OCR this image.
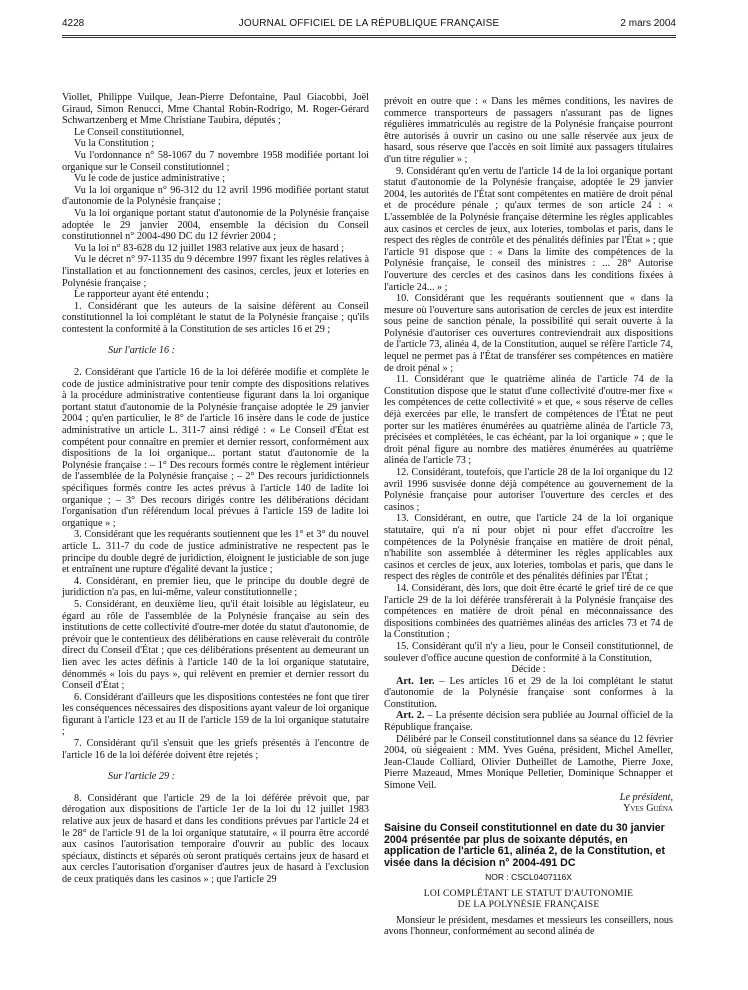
4228	JOURNAL OFFICIEL DE LA RÉPUBLIQUE FRANÇAISE	2 mars 2004

Viollet, Philippe Vuilque, Jean-Pierre Defontaine, Paul Giacobbi, Joël Giraud, Simon Renucci, Mme Chantal Robin-Rodrigo, M. Roger-Gérard Schwartzenberg et Mme Christiane Taubira, députés ;

Le Conseil constitutionnel,

Vu la Constitution ;

Vu l'ordonnance n° 58-1067 du 7 novembre 1958 modifiée portant loi organique sur le Conseil constitutionnel ;

Vu le code de justice administrative ;

Vu la loi organique n° 96-312 du 12 avril 1996 modifiée portant statut d'autonomie de la Polynésie française ;

Vu la loi organique portant statut d'autonomie de la Polynésie française adoptée le 29 janvier 2004, ensemble la décision du Conseil constitutionnel n° 2004-490 DC du 12 février 2004 ;

Vu la loi n° 83-628 du 12 juillet 1983 relative aux jeux de hasard ;

Vu le décret n° 97-1135 du 9 décembre 1997 fixant les règles relatives à l'installation et au fonctionnement des casinos, cercles, jeux et loteries en Polynésie française ;

Le rapporteur ayant été entendu ;

1. Considérant que les auteurs de la saisine défèrent au Conseil constitutionnel la loi complétant le statut de la Polynésie française ; qu'ils contestent la conformité à la Constitution de ses articles 16 et 29 ;

Sur l'article 16 :

2. Considérant que l'article 16 de la loi déférée modifie et complète le code de justice administrative pour tenir compte des dispositions relatives à la procédure administrative contentieuse figurant dans la loi organique portant statut d'autonomie de la Polynésie française adoptée le 29 janvier 2004 ; qu'en particulier, le 8° de l'article 16 insère dans le code de justice administrative un article L. 311-7 ainsi rédigé : « Le Conseil d'État est compétent pour connaître en premier et dernier ressort, conformément aux dispositions de la loi organique... portant statut d'autonomie de la Polynésie française : – 1° Des recours formés contre le règlement intérieur de l'assemblée de la Polynésie française ; – 2° Des recours juridictionnels spécifiques formés contre les actes prévus à l'article 140 de ladite loi organique ; – 3° Des recours dirigés contre les délibérations décidant l'organisation d'un référendum local prévues à l'article 159 de ladite loi organique » ;

3. Considérant que les requérants soutiennent que les 1° et 3° du nouvel article L. 311-7 du code de justice administrative ne respectent pas le principe du double degré de juridiction, éloignent le justiciable de son juge et entraînent une rupture d'égalité devant la justice ;

4. Considérant, en premier lieu, que le principe du double degré de juridiction n'a pas, en lui-même, valeur constitutionnelle ;

5. Considérant, en deuxième lieu, qu'il était loisible au législateur, eu égard au rôle de l'assemblée de la Polynésie française au sein des institutions de cette collectivité d'outre-mer dotée du statut d'autonomie, de prévoir que le contentieux des délibérations en cause relèverait du contrôle direct du Conseil d'État ; que ces délibérations présentent au demeurant un lien avec les actes définis à l'article 140 de la loi organique statutaire, dénommés « lois du pays », qui relèvent en premier et dernier ressort du Conseil d'État ;

6. Considérant d'ailleurs que les dispositions contestées ne font que tirer les conséquences nécessaires des dispositions ayant valeur de loi organique figurant à l'article 123 et au II de l'article 159 de la loi organique statutaire ;

7. Considérant qu'il s'ensuit que les griefs présentés à l'encontre de l'article 16 de la loi déférée doivent être rejetés ;

Sur l'article 29 :

8. Considérant que l'article 29 de la loi déférée prévoit que, par dérogation aux dispositions de l'article 1er de la loi du 12 juillet 1983 relative aux jeux de hasard et dans les conditions prévues par l'article 24 et le 28° de l'article 91 de la loi organique statutaire, « il pourra être accordé aux casinos l'autorisation temporaire d'ouvrir au public des locaux spéciaux, distincts et séparés où seront pratiqués certains jeux de hasard et aux cercles l'autorisation d'organiser d'autres jeux de hasard à l'exclusion de ceux pratiqués dans les casinos » ; que l'article 29

prévoit en outre que : « Dans les mêmes conditions, les navires de commerce transporteurs de passagers n'assurant pas de lignes régulières immatriculés au registre de la Polynésie française pourront être autorisés à ouvrir un casino ou une salle réservée aux jeux de hasard, sous réserve que l'accès en soit limité aux passagers titulaires d'un titre régulier » ;

9. Considérant qu'en vertu de l'article 14 de la loi organique portant statut d'autonomie de la Polynésie française, adoptée le 29 janvier 2004, les autorités de l'État sont compétentes en matière de droit pénal et de procédure pénale ; qu'aux termes de son article 24 : « L'assemblée de la Polynésie française détermine les règles applicables aux casinos et cercles de jeux, aux loteries, tombolas et paris, dans le respect des règles de contrôle et des pénalités définies par l'État » ; que l'article 91 dispose que : « Dans la limite des compétences de la Polynésie française, le conseil des ministres : ... 28° Autorise l'ouverture des cercles et des casinos dans les conditions fixées à l'article 24... » ;

10. Considérant que les requérants soutiennent que « dans la mesure où l'ouverture sans autorisation de cercles de jeux est interdite sous peine de sanction pénale, la possibilité qui serait ouverte à la Polynésie d'autoriser ces ouvertures contreviendrait aux dispositions de l'article 73, alinéa 4, de la Constitution, auquel se réfère l'article 74, lequel ne permet pas à l'État de transférer ses compétences en matière de droit pénal » ;

11. Considérant que le quatrième alinéa de l'article 74 de la Constitution dispose que le statut d'une collectivité d'outre-mer fixe « les compétences de cette collectivité » et que, « sous réserve de celles déjà exercées par elle, le transfert de compétences de l'État ne peut porter sur les matières énumérées au quatrième alinéa de l'article 73, précisées et complétées, le cas échéant, par la loi organique » ; que le droit pénal figure au nombre des matières énumérées au quatrième alinéa de l'article 73 ;

12. Considérant, toutefois, que l'article 28 de la loi organique du 12 avril 1996 susvisée donne déjà compétence au gouvernement de la Polynésie française pour autoriser l'ouverture des cercles et des casinos ;

13. Considérant, en outre, que l'article 24 de la loi organique statutaire, qui n'a ni pour objet ni pour effet d'accroître les compétences de la Polynésie française en matière de droit pénal, n'habilite son assemblée à déterminer les règles applicables aux casinos et cercles de jeux, aux loteries, tombolas et paris, que dans le respect des règles de contrôle et des pénalités définies par l'État ;

14. Considérant, dès lors, que doit être écarté le grief tiré de ce que l'article 29 de la loi déférée transférerait à la Polynésie française des compétences en matière de droit pénal en méconnaissance des dispositions combinées des quatrièmes alinéas des articles 73 et 74 de la Constitution ;

15. Considérant qu'il n'y a lieu, pour le Conseil constitutionnel, de soulever d'office aucune question de conformité à la Constitution,

Décide :

Art. 1er. – Les articles 16 et 29 de la loi complétant le statut d'autonomie de la Polynésie française sont conformes à la Constitution.

Art. 2. – La présente décision sera publiée au Journal officiel de la République française.

Délibéré par le Conseil constitutionnel dans sa séance du 12 février 2004, où siégeaient : MM. Yves Guéna, président, Michel Ameller, Jean-Claude Colliard, Olivier Dutheillet de Lamothe, Pierre Joxe, Pierre Mazeaud, Mmes Monique Pelletier, Dominique Schnapper et Simone Veil.

Le président,

Yves Guéna

Saisine du Conseil constitutionnel en date du 30 janvier 2004 présentée par plus de soixante députés, en application de l'article 61, alinéa 2, de la Constitution, et visée dans la décision n° 2004-491 DC
NOR : CSCL0407116X
LOI COMPLÉTANT LE STATUT D'AUTONOMIE
DE LA POLYNÉSIE FRANÇAISE

Monsieur le président, mesdames et messieurs les conseillers, nous avons l'honneur, conformément au second alinéa de
